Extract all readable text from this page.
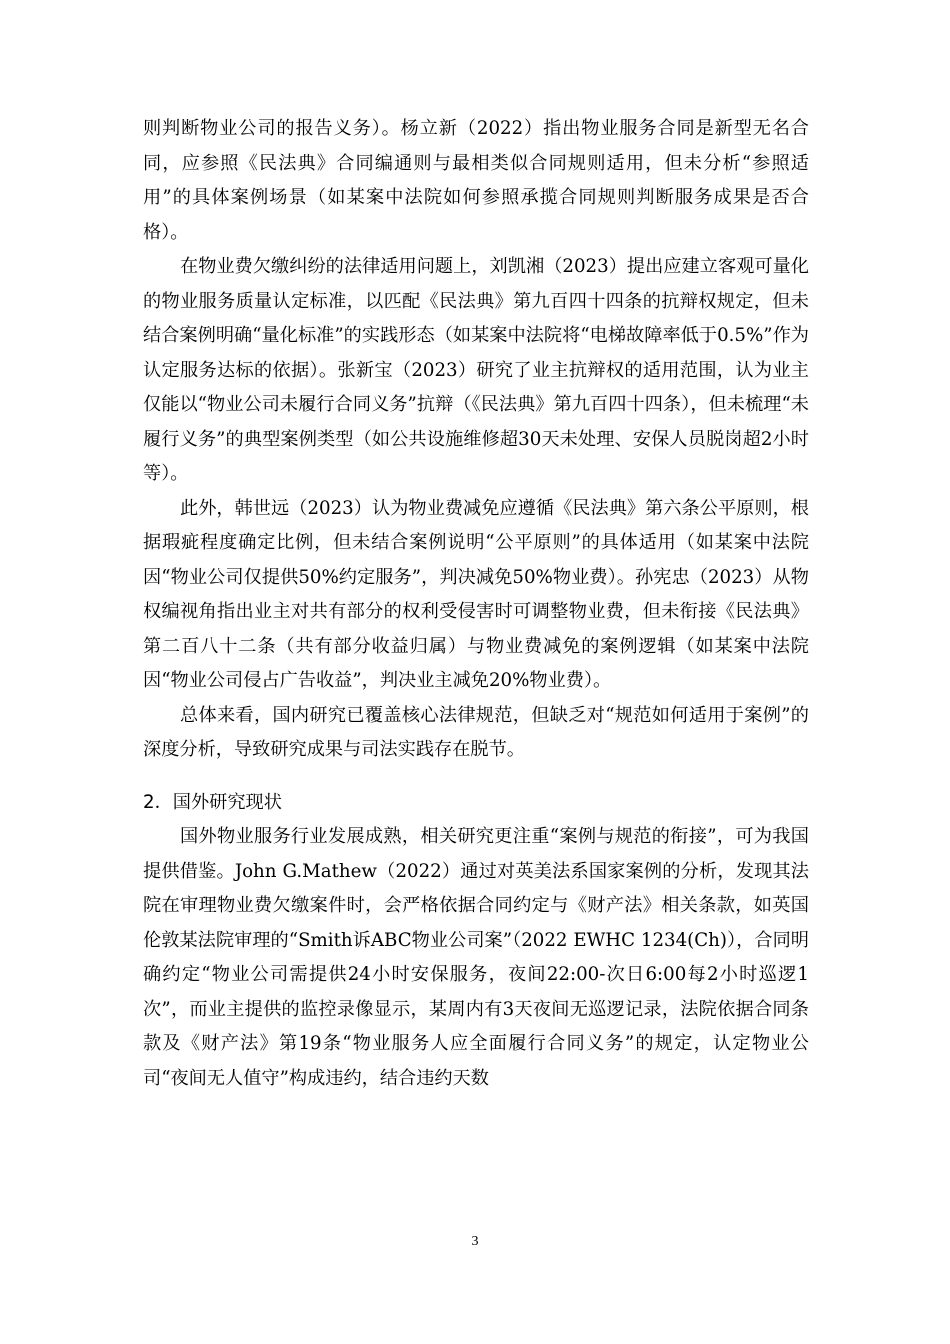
则判断物业公司的报告义务）。杨立新（2022）指出物业服务合同是新型无名合同，应参照《民法典》合同编通则与最相类似合同规则适用，但未分析“参照适用”的具体案例场景（如某案中法院如何参照承揽合同规则判断服务成果是否合格）。

在物业费欠缴纠纷的法律适用问题上，刘凯湘（2023）提出应建立客观可量化的物业服务质量认定标准，以匹配《民法典》第九百四十四条的抗辩权规定，但未结合案例明确“量化标准”的实践形态（如某案中法院将“电梯故障率低于0.5%”作为认定服务达标的依据）。张新宝（2023）研究了业主抗辩权的适用范围，认为业主仅能以“物业公司未履行合同义务”抗辩（《民法典》第九百四十四条），但未梳理“未履行义务”的典型案例类型（如公共设施维修超30天未处理、安保人员脱岗超2小时等）。

此外，韩世远（2023）认为物业费减免应遵循《民法典》第六条公平原则，根据瑕疵程度确定比例，但未结合案例说明“公平原则”的具体适用（如某案中法院因“物业公司仅提供50%约定服务”，判决减免50%物业费）。孙宪忠（2023）从物权编视角指出业主对共有部分的权利受侵害时可调整物业费，但未衔接《民法典》第二百八十二条（共有部分收益归属）与物业费减免的案例逻辑（如某案中法院因“物业公司侵占广告收益”，判决业主减免20%物业费）。

总体来看，国内研究已覆盖核心法律规范，但缺乏对“规范如何适用于案例”的深度分析，导致研究成果与司法实践存在脱节。

2．国外研究现状

国外物业服务行业发展成熟，相关研究更注重“案例与规范的衔接”，可为我国提供借鉴。John G.Mathew（2022）通过对英美法系国家案例的分析，发现其法院在审理物业费欠缴案件时，会严格依据合同约定与《财产法》相关条款，如英国伦敦某法院审理的“Smith诉ABC物业公司案”（2022 EWHC 1234(Ch)），合同明确约定“物业公司需提供24小时安保服务，夜间22:00-次日6:00每2小时巡逻1次”，而业主提供的监控录像显示，某周内有3天夜间无巡逻记录，法院依据合同条款及《财产法》第19条“物业服务人应全面履行合同义务”的规定，认定物业公司“夜间无人值守”构成违约，结合违约天数

3
